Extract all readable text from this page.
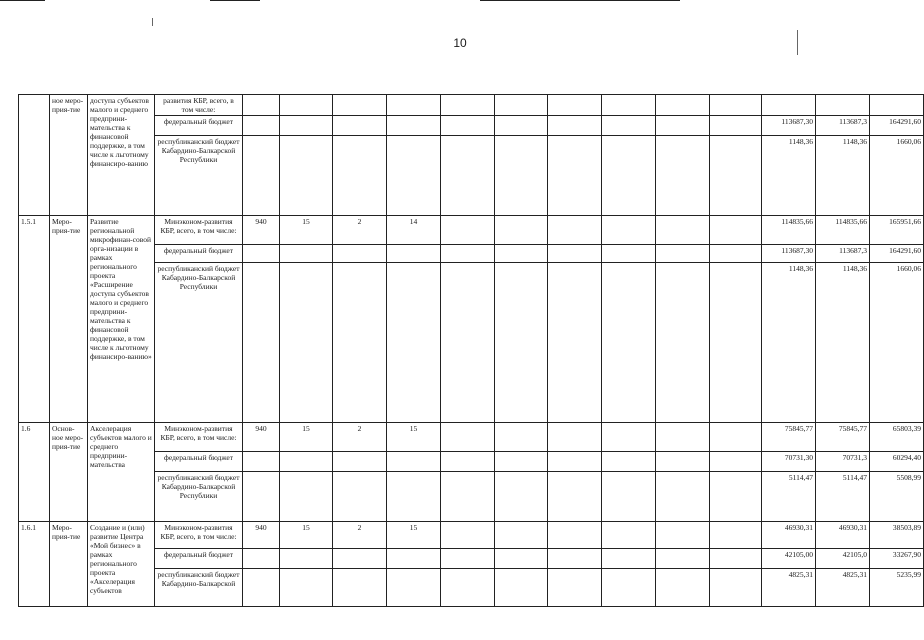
10
	ное меро-прия-тие	доступа субъектов малого и среднего предприни-мательства к финансовой поддержке, в том числе к льготному финансиро-ванию	развития КБР, всего, в том числе:													
			федеральный бюджет											113687,30	113687,3	164291,60
			республиканский бюджет Кабардино-Балкарской Республики											1148,36	1148,36	1660,06
1.5.1	Меро-прия-тие	Развитие региональной микрофинан-совой орга-низации в рамках регионального проекта «Расширение доступа субъектов малого и среднего предприни-мательства к финансовой поддержке, в том числе к льготному финансиро-ванию»	Минэконом-развития КБР, всего, в том числе:	940	15	2	14							114835,66	114835,66	165951,66
			федеральный бюджет											113687,30	113687,3	164291,60
			республиканский бюджет Кабардино-Балкарской Республики											1148,36	1148,36	1660,06
1.6	Основ-ное меро-прия-тие	Акселерация субъектов малого и среднего предприни-мательства	Минэконом-развития КБР, всего, в том числе:	940	15	2	15							75845,77	75845,77	65803,39
			федеральный бюджет											70731,30	70731,3	60294,40
			республиканский бюджет Кабардино-Балкарской Республики											5114,47	5114,47	5508,99
1.6.1	Меро-прия-тие	Создание и (или) развитие Центра «Мой бизнес» в рамках регионального проекта «Акселерация субъектов	Минэконом-развития КБР, всего, в том числе:	940	15	2	15							46930,31	46930,31	38503,89
			федеральный бюджет											42105,00	42105,0	33267,90
			республиканский бюджет Кабардино-Балкарской											4825,31	4825,31	5235,99
